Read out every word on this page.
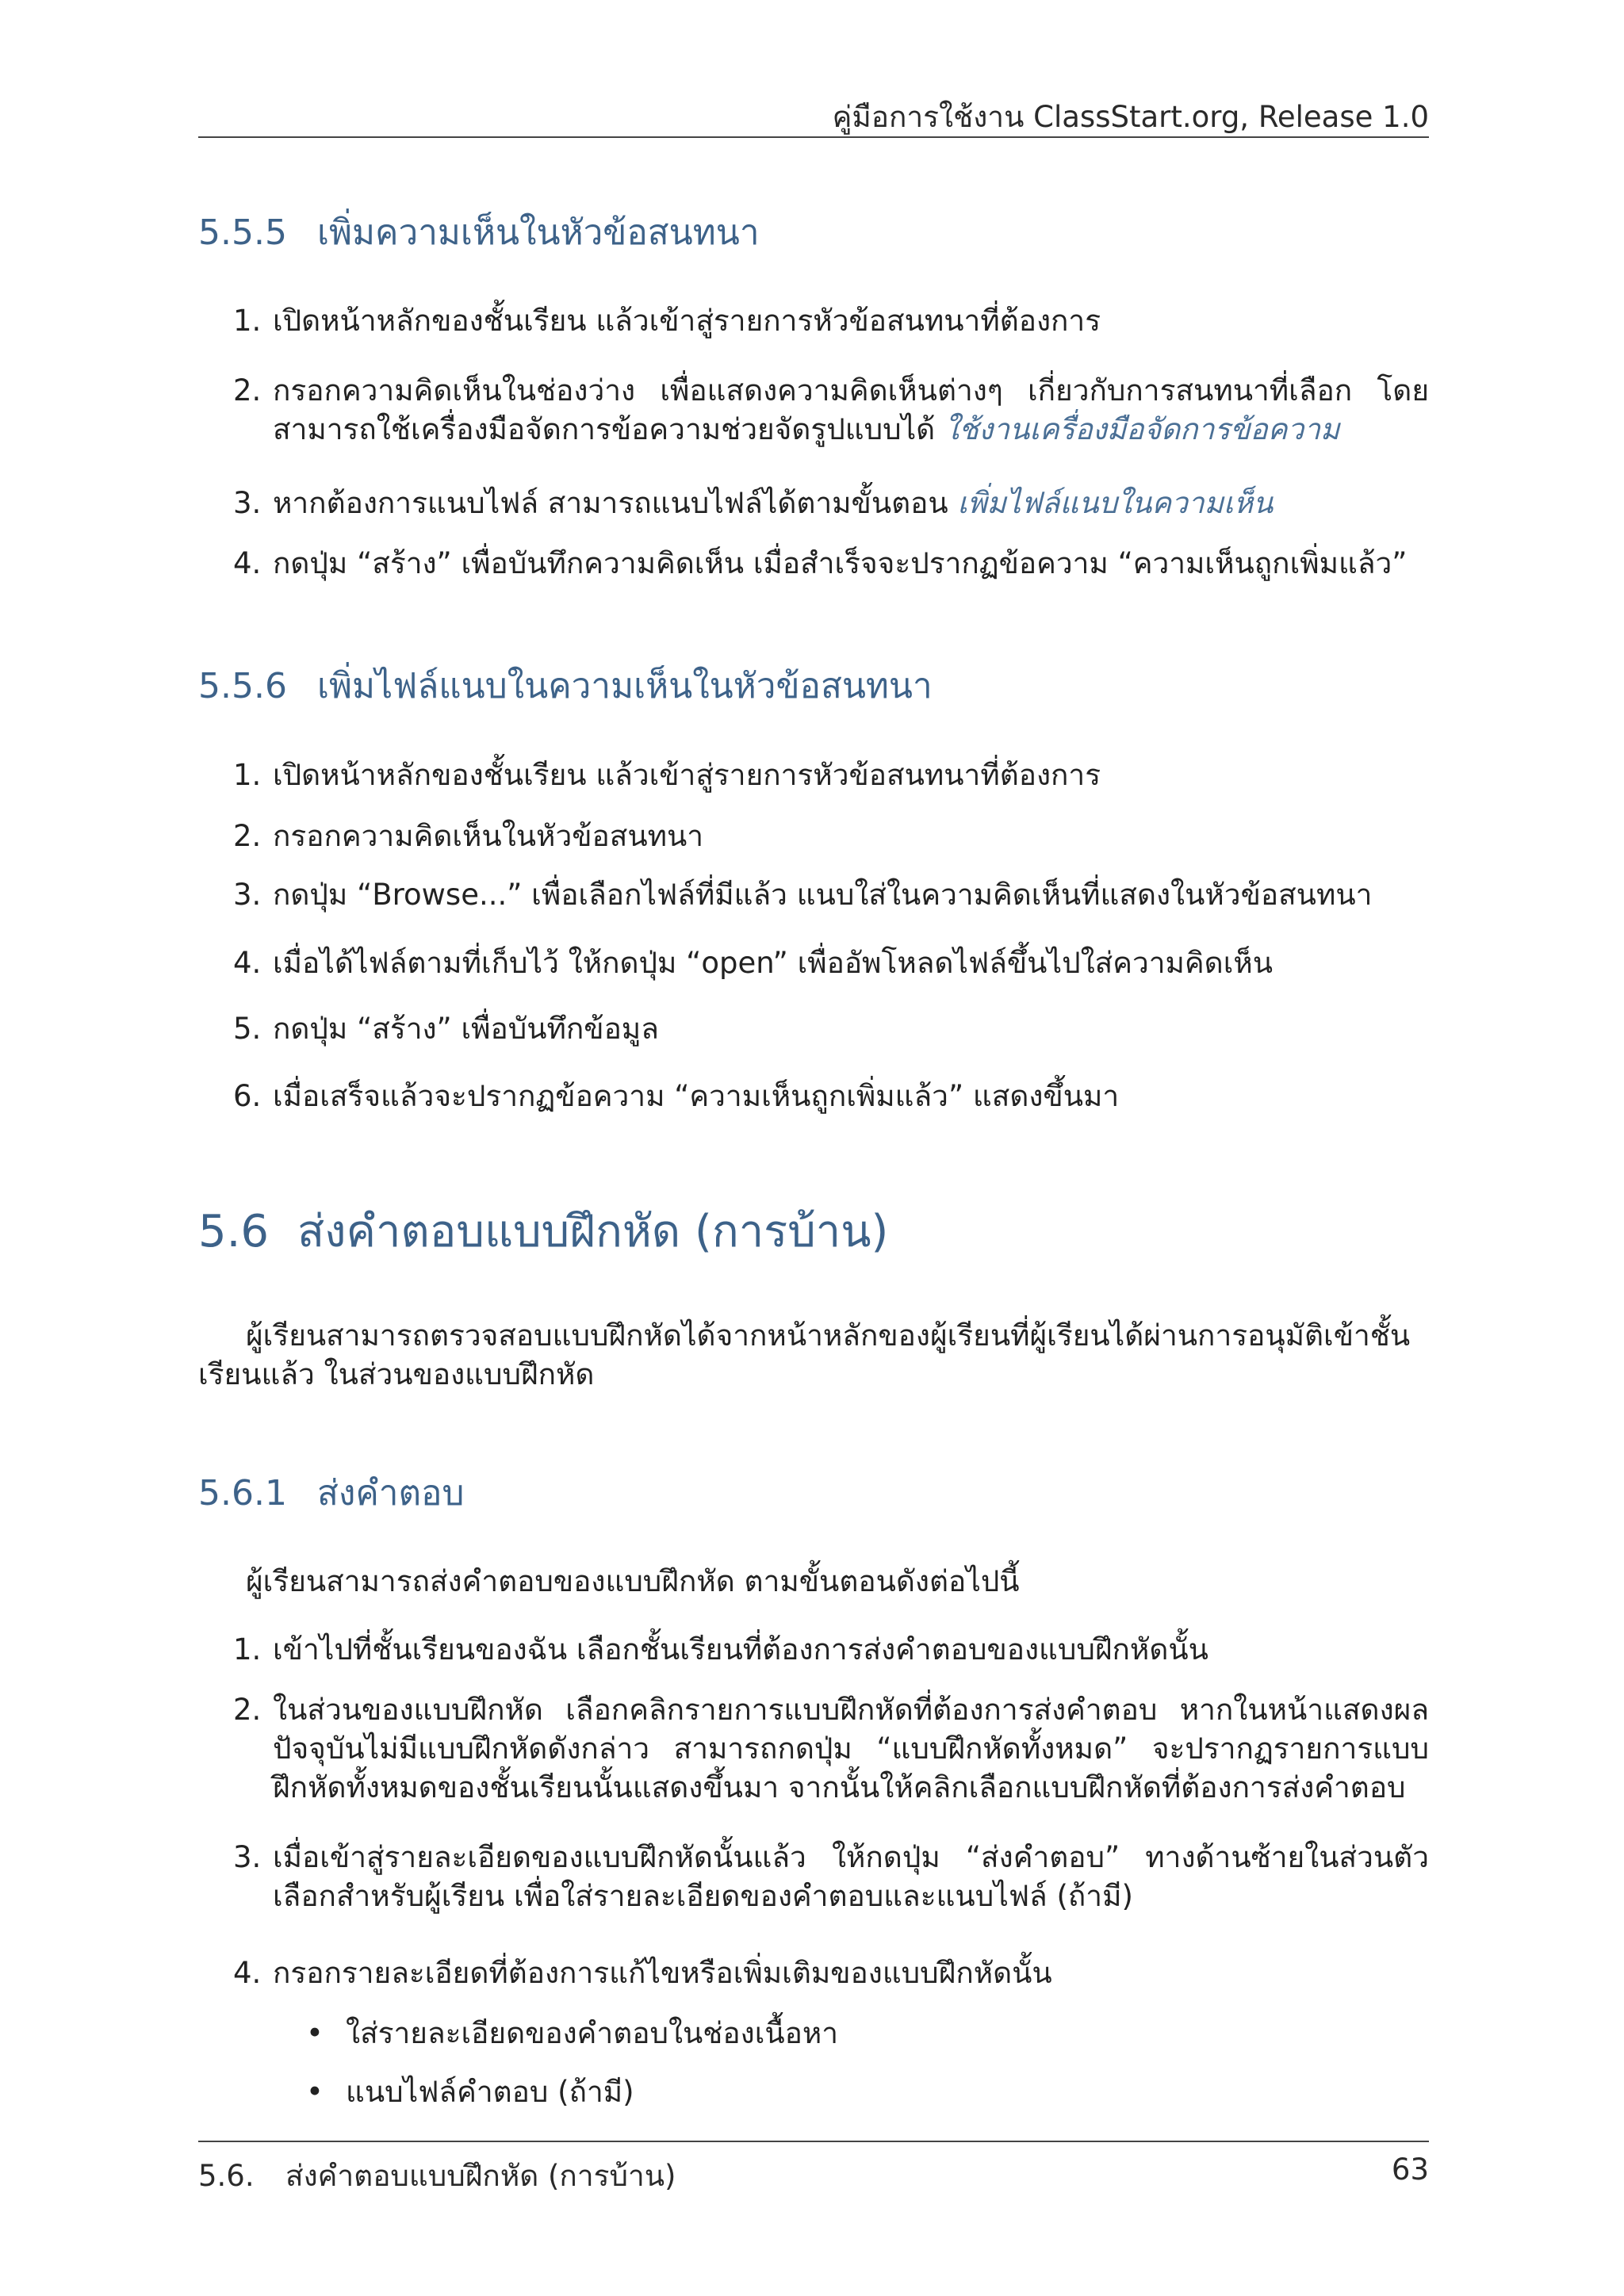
คู่มือการใช้งาน ClassStart.org, Release 1.0
5.5.5 เพิ่มความเห็นในหัวข้อสนทนา
1. เปิดหน้าหลักของชั้นเรียน แล้วเข้าสู่รายการหัวข้อสนทนาที่ต้องการ
2. กรอกความคิดเห็นในช่องว่าง เพื่อแสดงความคิดเห็นต่างๆ เกี่ยวกับการสนทนาที่เลือก โดยสามารถใช้เครื่องมือจัดการข้อความช่วยจัดรูปแบบได้ ใช้งานเครื่องมือจัดการข้อความ
3. หากต้องการแนบไฟล์ สามารถแนบไฟล์ได้ตามขั้นตอน เพิ่มไฟล์แนบในความเห็น
4. กดปุ่ม “สร้าง” เพื่อบันทึกความคิดเห็น เมื่อสำเร็จจะปรากฏข้อความ “ความเห็นถูกเพิ่มแล้ว”
5.5.6 เพิ่มไฟล์แนบในความเห็นในหัวข้อสนทนา
1. เปิดหน้าหลักของชั้นเรียน แล้วเข้าสู่รายการหัวข้อสนทนาที่ต้องการ
2. กรอกความคิดเห็นในหัวข้อสนทนา
3. กดปุ่ม “Browse...” เพื่อเลือกไฟล์ที่มีแล้ว แนบใส่ในความคิดเห็นที่แสดงในหัวข้อสนทนา
4. เมื่อได้ไฟล์ตามที่เก็บไว้ ให้กดปุ่ม “open” เพื่ออัพโหลดไฟล์ขึ้นไปใส่ความคิดเห็น
5. กดปุ่ม “สร้าง” เพื่อบันทึกข้อมูล
6. เมื่อเสร็จแล้วจะปรากฏข้อความ “ความเห็นถูกเพิ่มแล้ว” แสดงขึ้นมา
5.6 ส่งคำตอบแบบฝึกหัด (การบ้าน)
ผู้เรียนสามารถตรวจสอบแบบฝึกหัดได้จากหน้าหลักของผู้เรียนที่ผู้เรียนได้ผ่านการอนุมัติเข้าชั้นเรียนแล้ว ในส่วนของแบบฝึกหัด
5.6.1 ส่งคำตอบ
ผู้เรียนสามารถส่งคำตอบของแบบฝึกหัด ตามขั้นตอนดังต่อไปนี้
1. เข้าไปที่ชั้นเรียนของฉัน เลือกชั้นเรียนที่ต้องการส่งคำตอบของแบบฝึกหัดนั้น
2. ในส่วนของแบบฝึกหัด เลือกคลิกรายการแบบฝึกหัดที่ต้องการส่งคำตอบ หากในหน้าแสดงผลปัจจุบันไม่มีแบบฝึกหัดดังกล่าว สามารถกดปุ่ม “แบบฝึกหัดทั้งหมด” จะปรากฏรายการแบบฝึกหัดทั้งหมดของชั้นเรียนนั้นแสดงขึ้นมา จากนั้นให้คลิกเลือกแบบฝึกหัดที่ต้องการส่งคำตอบ
3. เมื่อเข้าสู่รายละเอียดของแบบฝึกหัดนั้นแล้ว ให้กดปุ่ม “ส่งคำตอบ” ทางด้านซ้ายในส่วนตัวเลือกสำหรับผู้เรียน เพื่อใส่รายละเอียดของคำตอบและแนบไฟล์ (ถ้ามี)
4. กรอกรายละเอียดที่ต้องการแก้ไขหรือเพิ่มเติมของแบบฝึกหัดนั้น
• ใส่รายละเอียดของคำตอบในช่องเนื้อหา
• แนบไฟล์คำตอบ (ถ้ามี)
5.6. ส่งคำตอบแบบฝึกหัด (การบ้าน)	63
